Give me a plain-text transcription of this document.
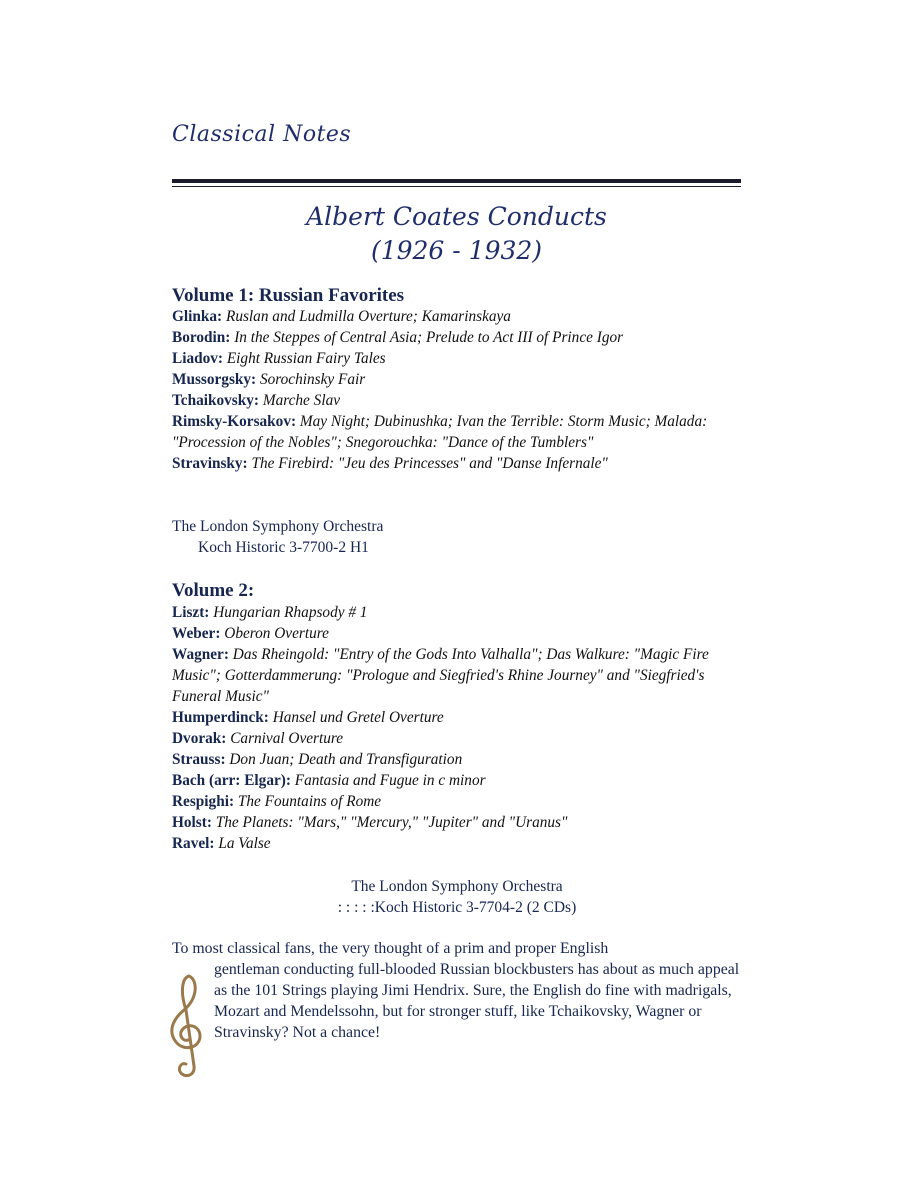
Classical Notes
Albert Coates Conducts
(1926 - 1932)
Volume 1: Russian Favorites

Glinka: Ruslan and Ludmilla Overture; Kamarinskaya

Borodin: In the Steppes of Central Asia; Prelude to Act III of Prince Igor

Liadov: Eight Russian Fairy Tales

Mussorgsky: Sorochinsky Fair

Tchaikovsky: Marche Slav

Rimsky-Korsakov: May Night; Dubinushka; Ivan the Terrible: Storm Music; Malada: "Procession of the Nobles"; Snegorouchka: "Dance of the Tumblers"

Stravinsky: The Firebird: "Jeu des Princesses" and "Danse Infernale"

The London Symphony Orchestra
Koch Historic 3-7700-2 H1
Volume 2:

Liszt: Hungarian Rhapsody # 1

Weber: Oberon Overture

Wagner: Das Rheingold: "Entry of the Gods Into Valhalla"; Das Walkure: "Magic Fire Music"; Gotterdammerung: "Prologue and Siegfried's Rhine Journey" and "Siegfried's Funeral Music"

Humperdinck: Hansel und Gretel Overture

Dvorak: Carnival Overture

Strauss: Don Juan; Death and Transfiguration

Bach (arr: Elgar): Fantasia and Fugue in c minor

Respighi: The Fountains of Rome

Holst: The Planets: "Mars," "Mercury," "Jupiter" and "Uranus"

Ravel: La Valse

The London Symphony Orchestra
: : : : :Koch Historic 3-7704-2 (2 CDs)
To most classical fans, the very thought of a prim and proper English
gentleman conducting full-blooded Russian blockbusters has about as much appeal as the 101 Strings playing Jimi Hendrix. Sure, the English do fine with madrigals, Mozart and Mendelssohn, but for stronger stuff, like Tchaikovsky, Wagner or Stravinsky? Not a chance!
